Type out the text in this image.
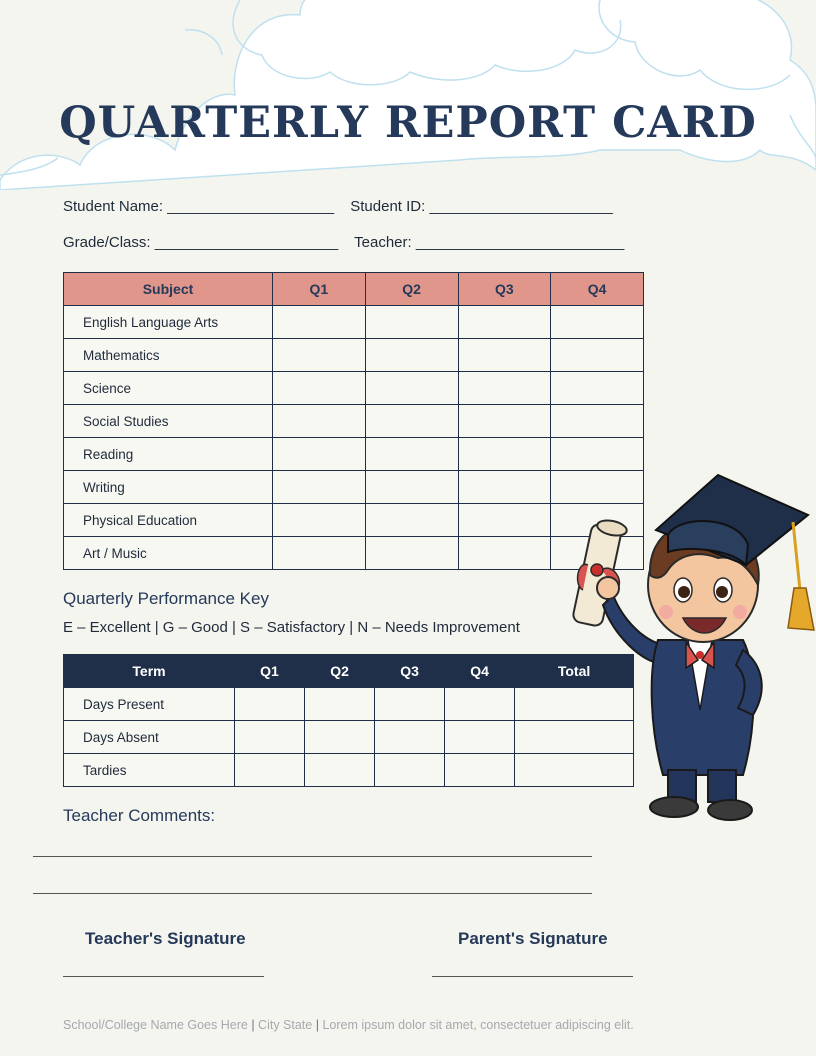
QUARTERLY REPORT CARD
Student Name: ____________________ Student ID: ______________________
Grade/Class: ______________________ Teacher: _________________________
Subject	Q1	Q2	Q3	Q4
English Language Arts				
Mathematics				
Science				
Social Studies				
Reading				
Writing				
Physical Education				
Art / Music				
Quarterly Performance Key
E – Excellent | G – Good | S – Satisfactory | N – Needs Improvement
Term	Q1	Q2	Q3	Q4	Total
Days Present					
Days Absent					
Tardies					
Teacher Comments:
Teacher's Signature	Parent's Signature
School/College Name Goes Here | City State | Lorem ipsum dolor sit amet, consectetuer adipiscing elit.
